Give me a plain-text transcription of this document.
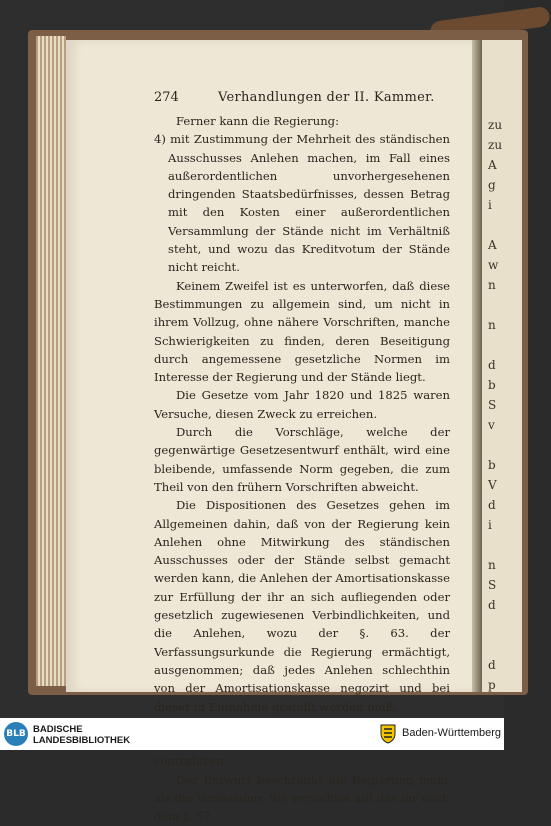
zu
zu
A
g
i
A
w
n
n
d
b
S
v
b
V
d
i
n
S
d
d
p
274	Verhandlungen der II. Kammer.

Ferner kann die Regierung:

4) mit Zustimmung der Mehrheit des ständischen Ausschusses Anlehen machen, im Fall eines außerordentlichen unvorhergesehenen dringenden Staatsbedürfnisses, dessen Betrag mit den Kosten einer außerordentlichen Versammlung der Stände nicht im Verhältniß steht, und wozu das Kreditvotum der Stände nicht reicht.

Keinem Zweifel ist es unterworfen, daß diese Bestimmungen zu allgemein sind, um nicht in ihrem Vollzug, ohne nähere Vorschriften, manche Schwierigkeiten zu finden, deren Beseitigung durch angemessene gesetzliche Normen im Interesse der Regierung und der Stände liegt.

Die Gesetze vom Jahr 1820 und 1825 waren Versuche, diesen Zweck zu erreichen.

Durch die Vorschläge, welche der gegenwärtige Gesetzesentwurf enthält, wird eine bleibende, umfassende Norm gegeben, die zum Theil von den frühern Vorschriften abweicht.

Die Dispositionen des Gesetzes gehen im Allgemeinen dahin, daß von der Regierung kein Anlehen ohne Mitwirkung des ständischen Ausschusses oder der Stände selbst gemacht werden kann, die Anlehen der Amortisationskasse zur Erfüllung der ihr an sich aufliegenden oder gesetzlich zugewiesenen Verbindlichkeiten, und die Anlehen, wozu der §. 63. der Verfassungsurkunde die Regierung ermächtigt, ausgenommen; daß jedes Anlehen schlechthin von der Amortisationskasse negozirt und bei dieser in Einnahme gestellt werden muß.

contrahiren.

Der Entwurf beschränkt die Regierung mehr als die Verfassung. Sie verzichtet auf das ihr nach dem §. 57.

BLB BADISCHE
LANDESBIBLIOTHEK
Baden-Württemberg
